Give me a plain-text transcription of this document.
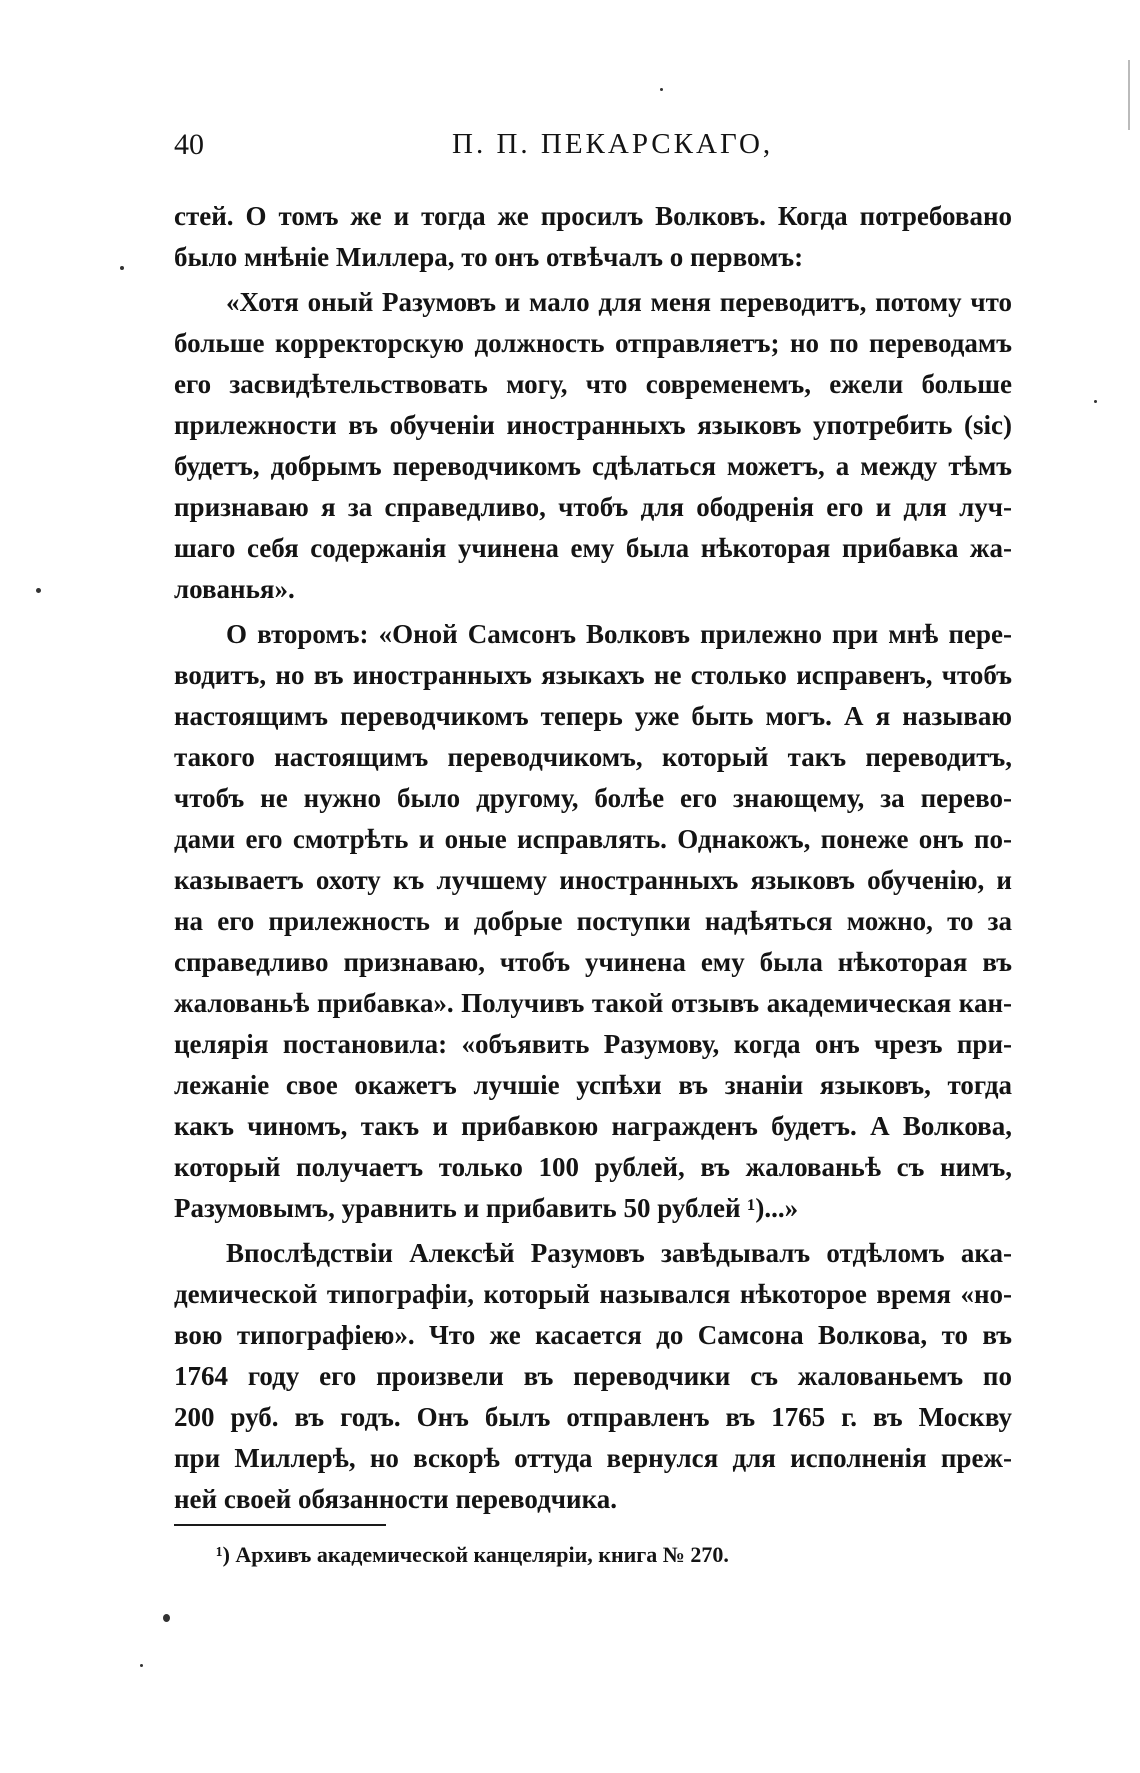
40	П. П. ПЕКАРСКАГО,
стей. О томъ же и тогда же просилъ Волковъ. Когда потребовано
было мнѣніе Миллера, то онъ отвѣчалъ о первомъ:
«Хотя оный Разумовъ и мало для меня переводитъ, потому что
больше корректорскую должность отправляетъ; но по переводамъ
его засвидѣтельствовать могу, что современемъ, ежели больше
прилежности въ обученіи иностранныхъ языковъ употребить (sic)
будетъ, добрымъ переводчикомъ сдѣлаться можетъ, а между тѣмъ
признаваю я за справедливо, чтобъ для ободренія его и для луч-
шаго себя содержанія учинена ему была нѣкоторая прибавка жа-
лованья».
О второмъ: «Оной Самсонъ Волковъ прилежно при мнѣ пере-
водитъ, но въ иностранныхъ языкахъ не столько исправенъ, чтобъ
настоящимъ переводчикомъ теперь уже быть могъ. А я называю
такого настоящимъ переводчикомъ, который такъ переводитъ,
чтобъ не нужно было другому, болѣе его знающему, за перево-
дами его смотрѣть и оные исправлять. Однакожъ, понеже онъ по-
казываетъ охоту къ лучшему иностранныхъ языковъ обученію, и
на его прилежность и добрые поступки надѣяться можно, то за
справедливо признаваю, чтобъ учинена ему была нѣкоторая въ
жалованьѣ прибавка». Получивъ такой отзывъ академическая кан-
целярія постановила: «объявить Разумову, когда онъ чрезъ при-
лежаніе свое окажетъ лучшіе успѣхи въ знаніи языковъ, тогда
какъ чиномъ, такъ и прибавкою награжденъ будетъ. А Волкова,
который получаетъ только 100 рублей, въ жалованьѣ съ нимъ,
Разумовымъ, уравнить и прибавить 50 рублей ¹)...»
Впослѣдствіи Алексѣй Разумовъ завѣдывалъ отдѣломъ ака-
демической типографіи, который назывался нѣкоторое время «но-
вою типографіею». Что же касается до Самсона Волкова, то въ
1764 году его произвели въ переводчики съ жалованьемъ по
200 руб. въ годъ. Онъ былъ отправленъ въ 1765 г. въ Москву
при Миллерѣ, но вскорѣ оттуда вернулся для исполненія преж-
ней своей обязанности переводчика.
¹) Архивъ академической канцеляріи, книга № 270.
